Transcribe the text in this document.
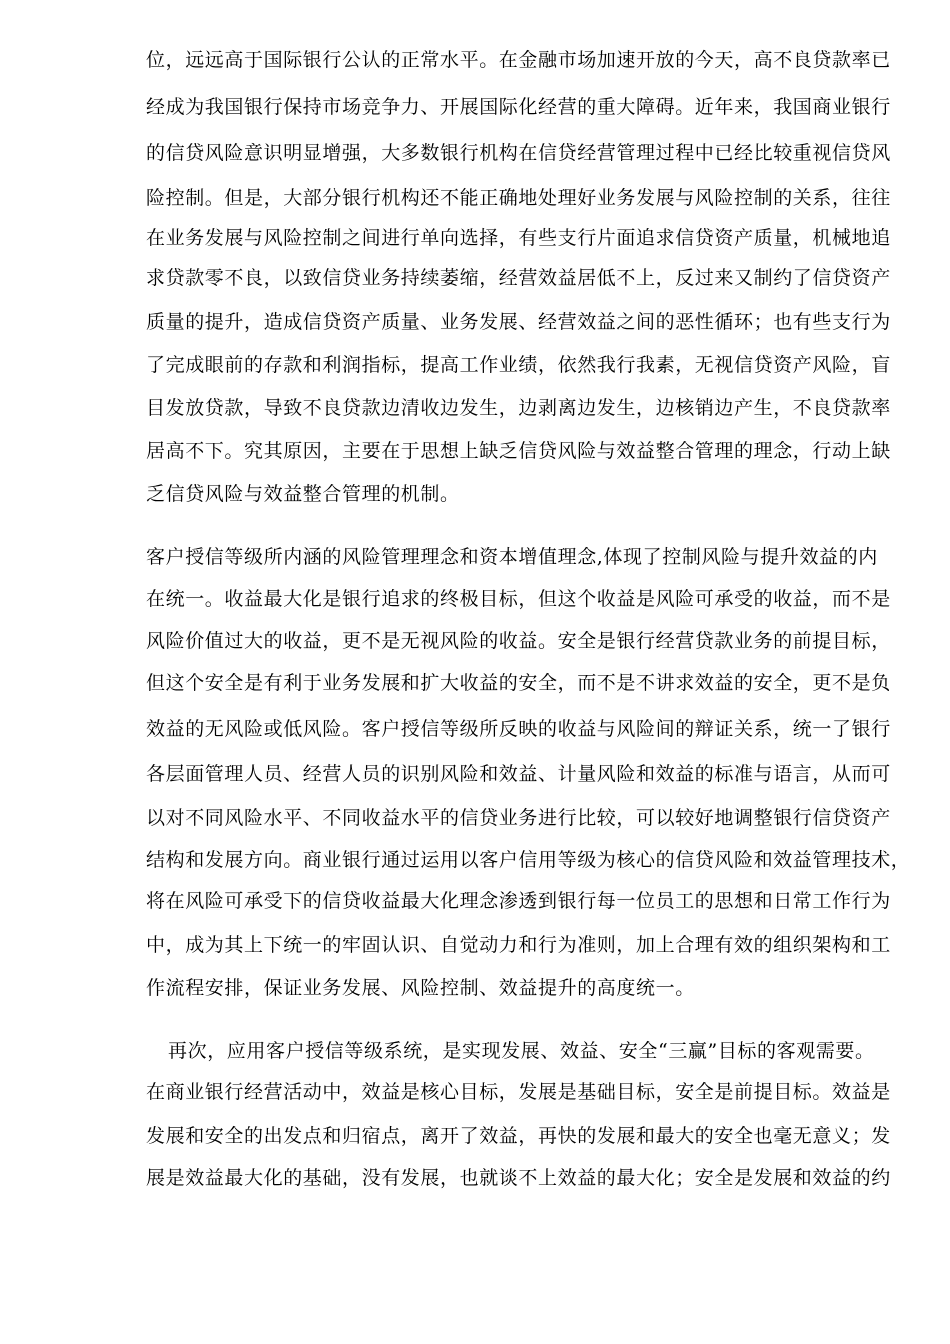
位，远远高于国际银行公认的正常水平。在金融市场加速开放的今天，高不良贷款率已
经成为我国银行保持市场竞争力、开展国际化经营的重大障碍。近年来，我国商业银行
的信贷风险意识明显增强，大多数银行机构在信贷经营管理过程中已经比较重视信贷风
险控制。但是，大部分银行机构还不能正确地处理好业务发展与风险控制的关系，往往
在业务发展与风险控制之间进行单向选择，有些支行片面追求信贷资产质量，机械地追
求贷款零不良，以致信贷业务持续萎缩，经营效益居低不上，反过来又制约了信贷资产
质量的提升，造成信贷资产质量、业务发展、经营效益之间的恶性循环；也有些支行为
了完成眼前的存款和利润指标，提高工作业绩，依然我行我素，无视信贷资产风险，盲
目发放贷款，导致不良贷款边清收边发生，边剥离边发生，边核销边产生，不良贷款率
居高不下。究其原因，主要在于思想上缺乏信贷风险与效益整合管理的理念，行动上缺
乏信贷风险与效益整合管理的机制。
客户授信等级所内涵的风险管理理念和资本增值理念,体现了控制风险与提升效益的内
在统一。收益最大化是银行追求的终极目标，但这个收益是风险可承受的收益，而不是
风险价值过大的收益，更不是无视风险的收益。安全是银行经营贷款业务的前提目标，
但这个安全是有利于业务发展和扩大收益的安全，而不是不讲求效益的安全，更不是负
效益的无风险或低风险。客户授信等级所反映的收益与风险间的辩证关系，统一了银行
各层面管理人员、经营人员的识别风险和效益、计量风险和效益的标准与语言，从而可
以对不同风险水平、不同收益水平的信贷业务进行比较，可以较好地调整银行信贷资产
结构和发展方向。商业银行通过运用以客户信用等级为核心的信贷风险和效益管理技术，
将在风险可承受下的信贷收益最大化理念渗透到银行每一位员工的思想和日常工作行为
中，成为其上下统一的牢固认识、自觉动力和行为准则，加上合理有效的组织架构和工
作流程安排，保证业务发展、风险控制、效益提升的高度统一。
再次，应用客户授信等级系统，是实现发展、效益、安全“三赢”目标的客观需要。
在商业银行经营活动中，效益是核心目标，发展是基础目标，安全是前提目标。效益是
发展和安全的出发点和归宿点，离开了效益，再快的发展和最大的安全也毫无意义；发
展是效益最大化的基础，没有发展，也就谈不上效益的最大化；安全是发展和效益的约
